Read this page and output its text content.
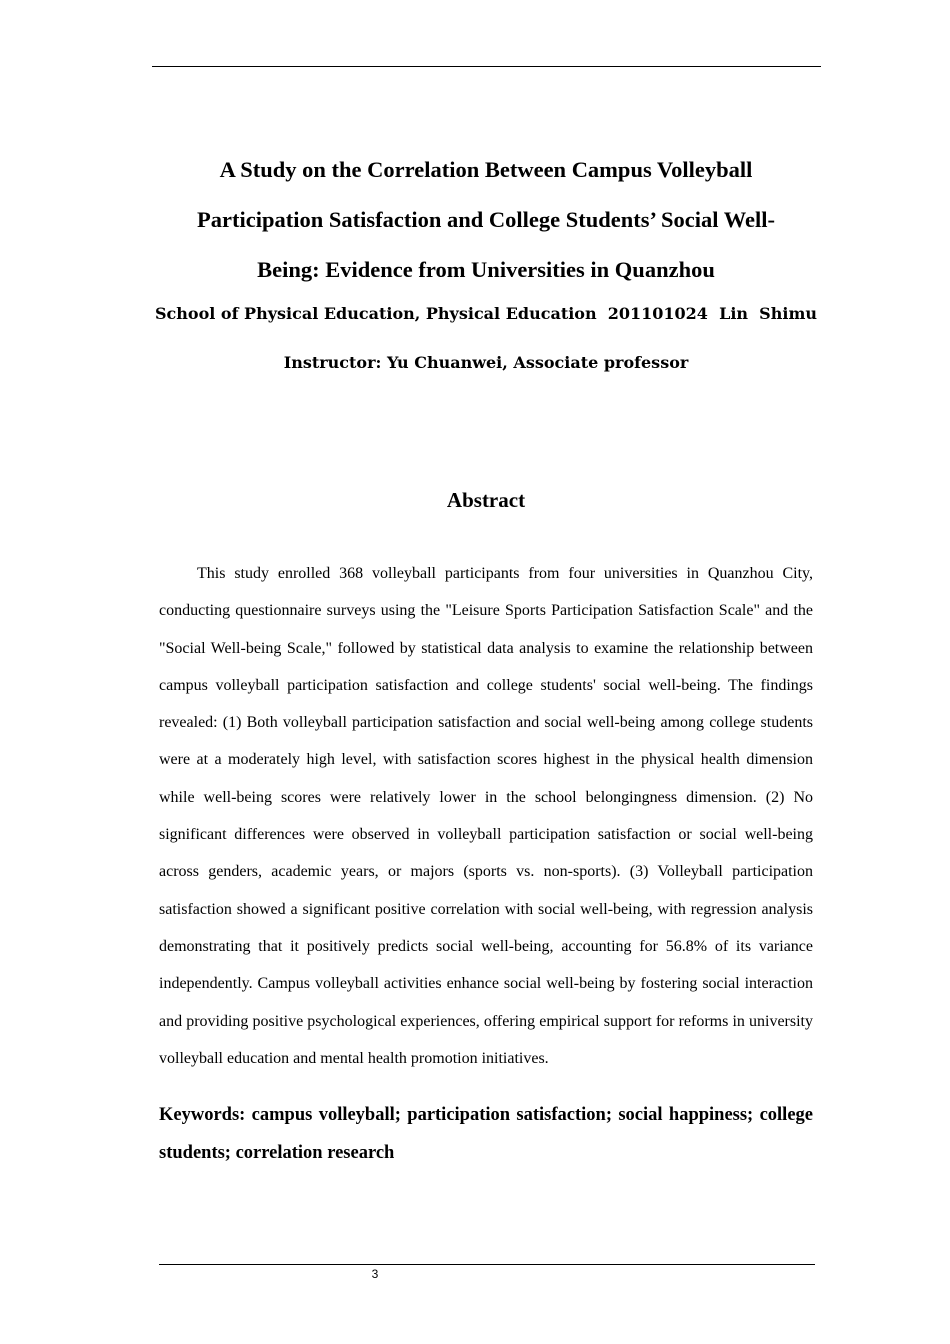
A Study on the Correlation Between Campus Volleyball Participation Satisfaction and College Students’ Social Well-Being: Evidence from Universities in Quanzhou
School of Physical Education, Physical Education  201101024  Lin  Shimu
Instructor: Yu Chuanwei, Associate professor
Abstract

This study enrolled 368 volleyball participants from four universities in Quanzhou City, conducting questionnaire surveys using the "Leisure Sports Participation Satisfaction Scale" and the "Social Well-being Scale," followed by statistical data analysis to examine the relationship between campus volleyball participation satisfaction and college students' social well-being. The findings revealed: (1) Both volleyball participation satisfaction and social well-being among college students were at a moderately high level, with satisfaction scores highest in the physical health dimension while well-being scores were relatively lower in the school belongingness dimension. (2) No significant differences were observed in volleyball participation satisfaction or social well-being across genders, academic years, or majors (sports vs. non-sports). (3) Volleyball participation satisfaction showed a significant positive correlation with social well-being, with regression analysis demonstrating that it positively predicts social well-being, accounting for 56.8% of its variance independently. Campus volleyball activities enhance social well-being by fostering social interaction and providing positive psychological experiences, offering empirical support for reforms in university volleyball education and mental health promotion initiatives.

Keywords: campus volleyball; participation satisfaction; social happiness; college students; correlation research

3
